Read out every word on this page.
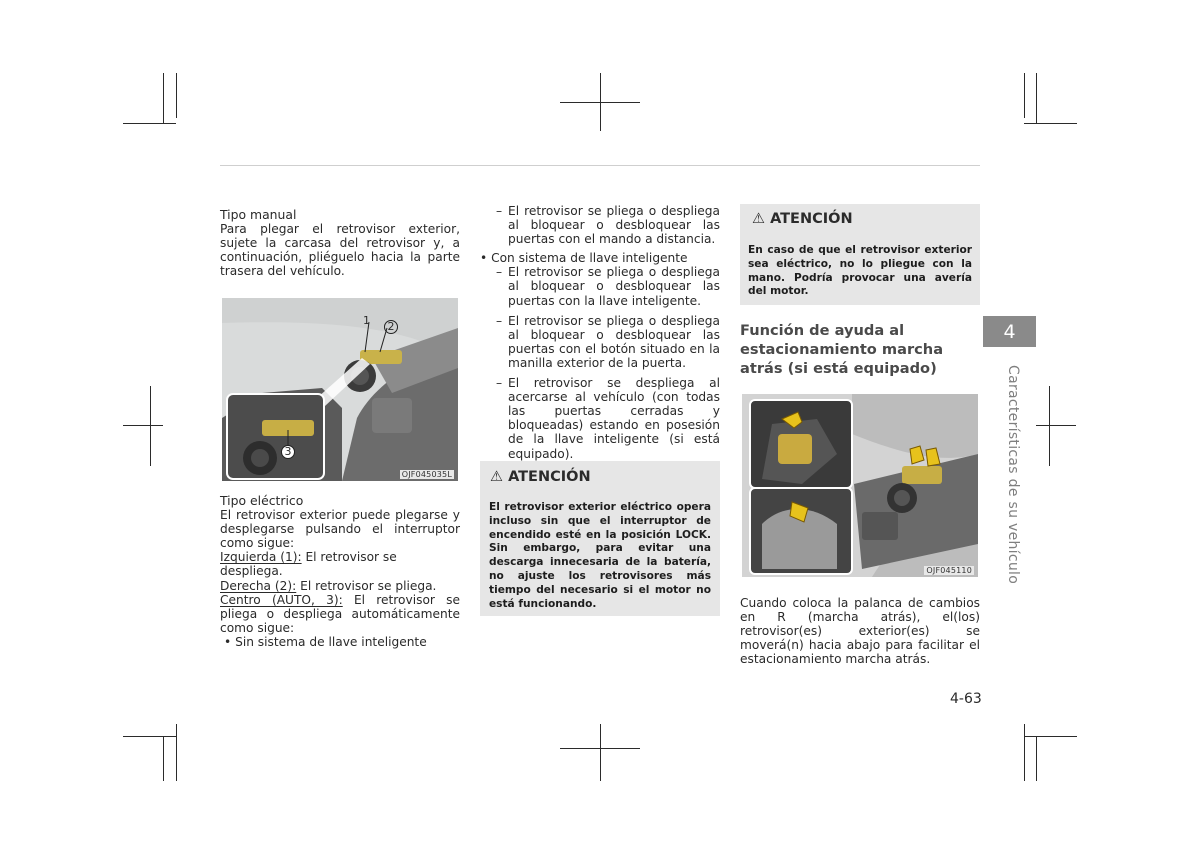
Tipo manual

Para plegar el retrovisor exterior, sujete la carcasa del retrovisor y, a continuación, pliéguelo hacia la parte trasera del vehículo.

1	2
3
OJF045035L

Tipo eléctrico

El retrovisor exterior puede plegarse y desplegarse pulsando el interruptor como sigue:

Izquierda (1): El retrovisor se despliega.

Derecha (2): El retrovisor se pliega.

Centro (AUTO, 3): El retrovisor se pliega o despliega automáticamente como sigue:

• Sin sistema de llave inteligente

– El retrovisor se pliega o despliega al bloquear o desbloquear las puertas con el mando a distancia.

• Con sistema de llave inteligente

– El retrovisor se pliega o despliega al bloquear o desbloquear las puertas con la llave inteligente.

– El retrovisor se pliega o despliega al bloquear o desbloquear las puertas con el botón situado en la manilla exterior de la puerta.

– El retrovisor se despliega al acercarse al vehículo (con todas las puertas cerradas y bloqueadas) estando en posesión de la llave inteligente (si está equipado).

⚠ ATENCIÓN
El retrovisor exterior eléctrico opera incluso sin que el interruptor de encendido esté en la posición LOCK. Sin embargo, para evitar una descarga innecesaria de la batería, no ajuste los retrovisores más tiempo del necesario si el motor no está funcionando.
⚠ ATENCIÓN
En caso de que el retrovisor exterior sea eléctrico, no lo pliegue con la mano. Podría provocar una avería del motor.
Función de ayuda al estacionamiento marcha atrás (si está equipado)
OJF045110
Cuando coloca la palanca de cambios en R (marcha atrás), el(los) retrovisor(es) exterior(es) se moverá(n) hacia abajo para facilitar el estacionamiento marcha atrás.
4
Características de su vehículo
4-63
